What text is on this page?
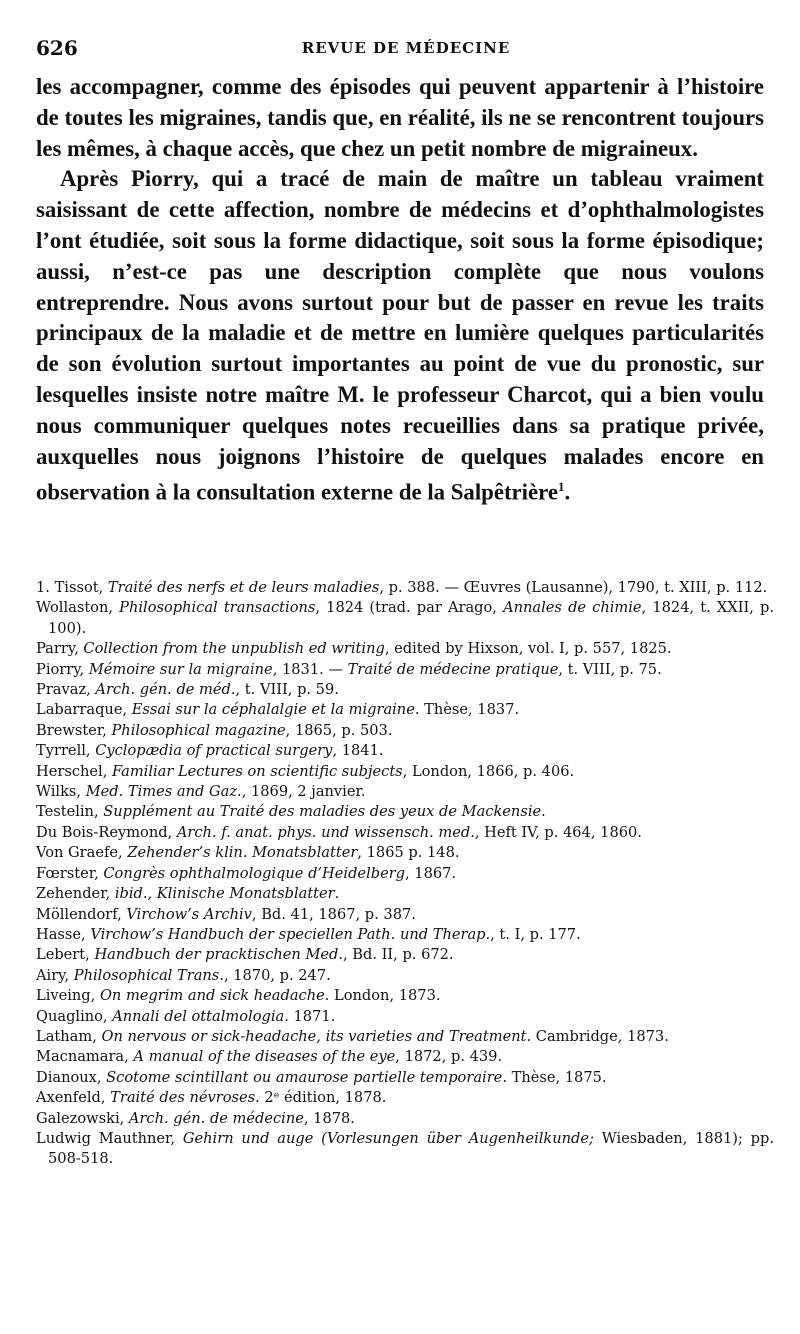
626	REVUE DE MÉDECINE

les accompagner, comme des épisodes qui peuvent appartenir à l’histoire de toutes les migraines, tandis que, en réalité, ils ne se rencontrent toujours les mêmes, à chaque accès, que chez un petit nombre de migraineux.

Après Piorry, qui a tracé de main de maître un tableau vraiment saisissant de cette affection, nombre de médecins et d’ophthalmologistes l’ont étudiée, soit sous la forme didactique, soit sous la forme épisodique; aussi, n’est-ce pas une description complète que nous voulons entreprendre. Nous avons surtout pour but de passer en revue les traits principaux de la maladie et de mettre en lumière quelques particularités de son évolution surtout importantes au point de vue du pronostic, sur lesquelles insiste notre maître M. le professeur Charcot, qui a bien voulu nous communiquer quelques notes recueillies dans sa pratique privée, auxquelles nous joignons l’histoire de quelques malades encore en observation à la consultation externe de la Salpêtrière$^1$.

1. Tissot, Traité des nerfs et de leurs maladies, p. 388. — Œuvres (Lausanne), 1790, t. XIII, p. 112.
Wollaston, Philosophical transactions, 1824 (trad. par Arago, Annales de chimie, 1824, t. XXII, p. 100).
Parry, Collection from the unpublish ed writing, edited by Hixson, vol. I, p. 557, 1825.
Piorry, Mémoire sur la migraine, 1831. — Traité de médecine pratique, t. VIII, p. 75.
Pravaz, Arch. gén. de méd., t. VIII, p. 59.
Labarraque, Essai sur la céphalalgie et la migraine. Thèse, 1837.
Brewster, Philosophical magazine, 1865, p. 503.
Tyrrell, Cyclopædia of practical surgery, 1841.
Herschel, Familiar Lectures on scientific subjects, London, 1866, p. 406.
Wilks, Med. Times and Gaz., 1869, 2 janvier.
Testelin, Supplément au Traité des maladies des yeux de Mackensie.
Du Bois-Reymond, Arch. f. anat. phys. und wissensch. med., Heft IV, p. 464, 1860.
Von Graefe, Zehender’s klin. Monatsblatter, 1865 p. 148.
Fœrster, Congrès ophthalmologique d’Heidelberg, 1867.
Zehender, ibid., Klinische Monatsblatter.
Möllendorf, Virchow’s Archiv, Bd. 41, 1867, p. 387.
Hasse, Virchow’s Handbuch der speciellen Path. und Therap., t. I, p. 177.
Lebert, Handbuch der pracktischen Med., Bd. II, p. 672.
Airy, Philosophical Trans., 1870, p. 247.
Liveing, On megrim and sick headache. London, 1873.
Quaglino, Annali del ottalmologia. 1871.
Latham, On nervous or sick-headache, its varieties and Treatment. Cambridge, 1873.
Macnamara, A manual of the diseases of the eye, 1872, p. 439.
Dianoux, Scotome scintillant ou amaurose partielle temporaire. Thèse, 1875.
Axenfeld, Traité des névroses. 2ᵉ édition, 1878.
Galezowski, Arch. gén. de médecine, 1878.
Ludwig Mauthner, Gehirn und auge (Vorlesungen über Augenheilkunde; Wiesbaden, 1881); pp. 508-518.
